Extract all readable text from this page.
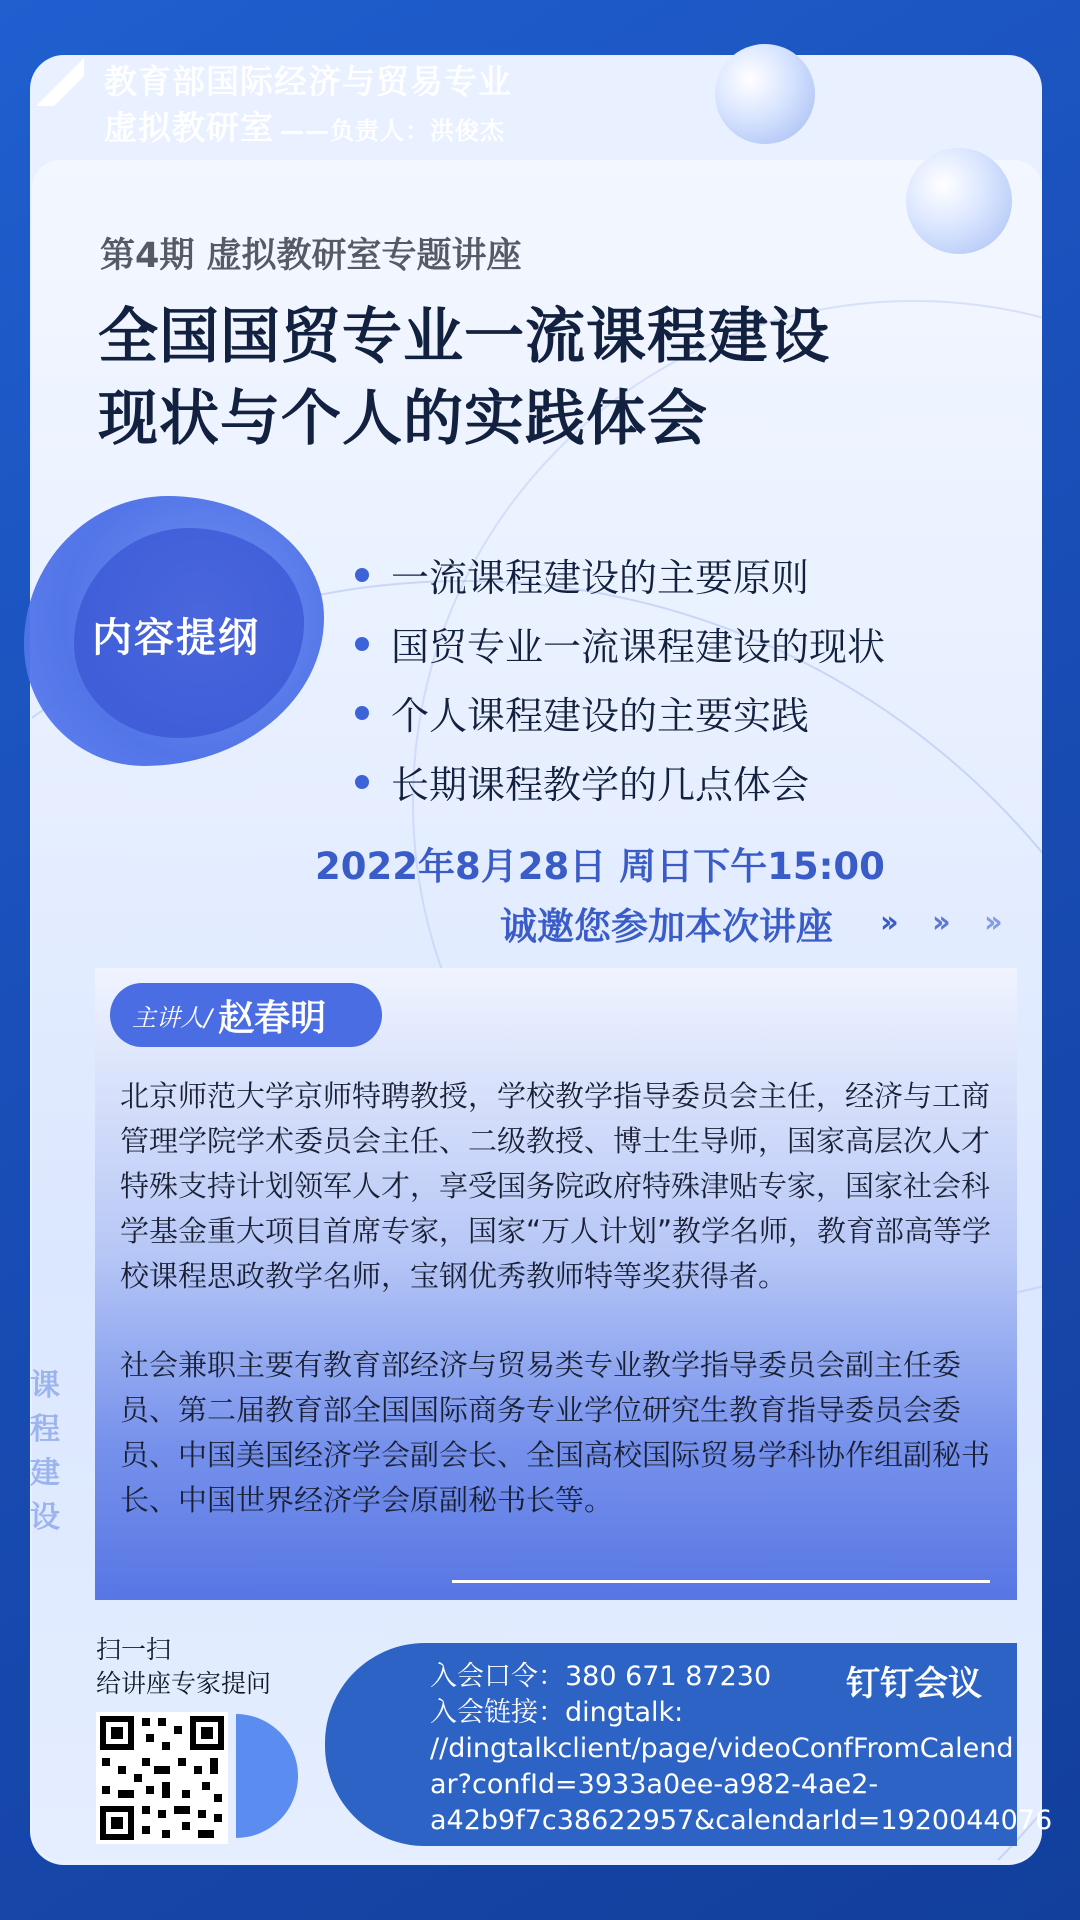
教育部国际经济与贸易专业
虚拟教研室 ——负责人：洪俊杰
第4期 虚拟教研室专题讲座
全国国贸专业一流课程建设
现状与个人的实践体会
内容提纲
一流课程建设的主要原则
国贸专业一流课程建设的现状
个人课程建设的主要实践
长期课程教学的几点体会
2022年8月28日 周日下午15:00
诚邀您参加本次讲座 ›› ›› ››
主讲人/ 赵春明

北京师范大学京师特聘教授，学校教学指导委员会主任，经济与工商管理学院学术委员会主任、二级教授、博士生导师，国家高层次人才特殊支持计划领军人才，享受国务院政府特殊津贴专家，国家社会科学基金重大项目首席专家，国家“万人计划”教学名师，教育部高等学校课程思政教学名师，宝钢优秀教师特等奖获得者。

社会兼职主要有教育部经济与贸易类专业教学指导委员会副主任委员、第二届教育部全国国际商务专业学位研究生教育指导委员会委员、中国美国经济学会副会长、全国高校国际贸易学科协作组副秘书长、中国世界经济学会原副秘书长等。

课程建设
扫一扫
给讲座专家提问	钉钉会议
入会口令：380 671 87230
入会链接：dingtalk:
//dingtalkclient/page/videoConfFromCalend
ar?confId=3933a0ee-a982-4ae2-
a42b9f7c38622957&calendarId=1920044076
